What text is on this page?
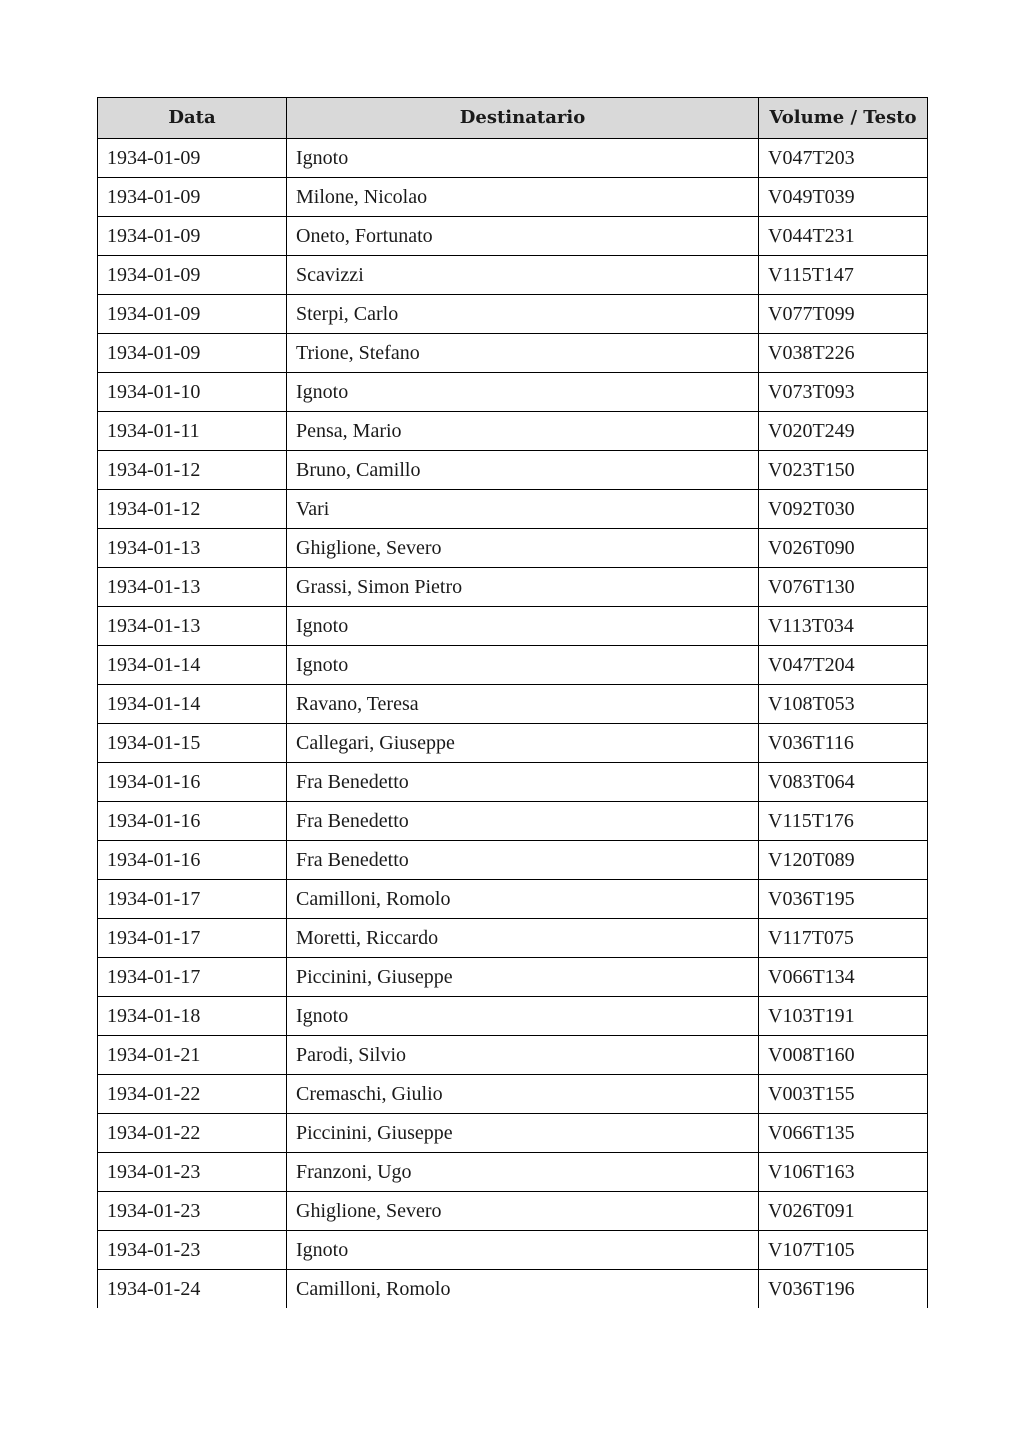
Data	Destinatario	Volume / Testo
1934-01-09	Ignoto	V047T203
1934-01-09	Milone, Nicolao	V049T039
1934-01-09	Oneto, Fortunato	V044T231
1934-01-09	Scavizzi	V115T147
1934-01-09	Sterpi, Carlo	V077T099
1934-01-09	Trione, Stefano	V038T226
1934-01-10	Ignoto	V073T093
1934-01-11	Pensa, Mario	V020T249
1934-01-12	Bruno, Camillo	V023T150
1934-01-12	Vari	V092T030
1934-01-13	Ghiglione, Severo	V026T090
1934-01-13	Grassi, Simon Pietro	V076T130
1934-01-13	Ignoto	V113T034
1934-01-14	Ignoto	V047T204
1934-01-14	Ravano, Teresa	V108T053
1934-01-15	Callegari, Giuseppe	V036T116
1934-01-16	Fra Benedetto	V083T064
1934-01-16	Fra Benedetto	V115T176
1934-01-16	Fra Benedetto	V120T089
1934-01-17	Camilloni, Romolo	V036T195
1934-01-17	Moretti, Riccardo	V117T075
1934-01-17	Piccinini, Giuseppe	V066T134
1934-01-18	Ignoto	V103T191
1934-01-21	Parodi, Silvio	V008T160
1934-01-22	Cremaschi, Giulio	V003T155
1934-01-22	Piccinini, Giuseppe	V066T135
1934-01-23	Franzoni, Ugo	V106T163
1934-01-23	Ghiglione, Severo	V026T091
1934-01-23	Ignoto	V107T105
1934-01-24	Camilloni, Romolo	V036T196
